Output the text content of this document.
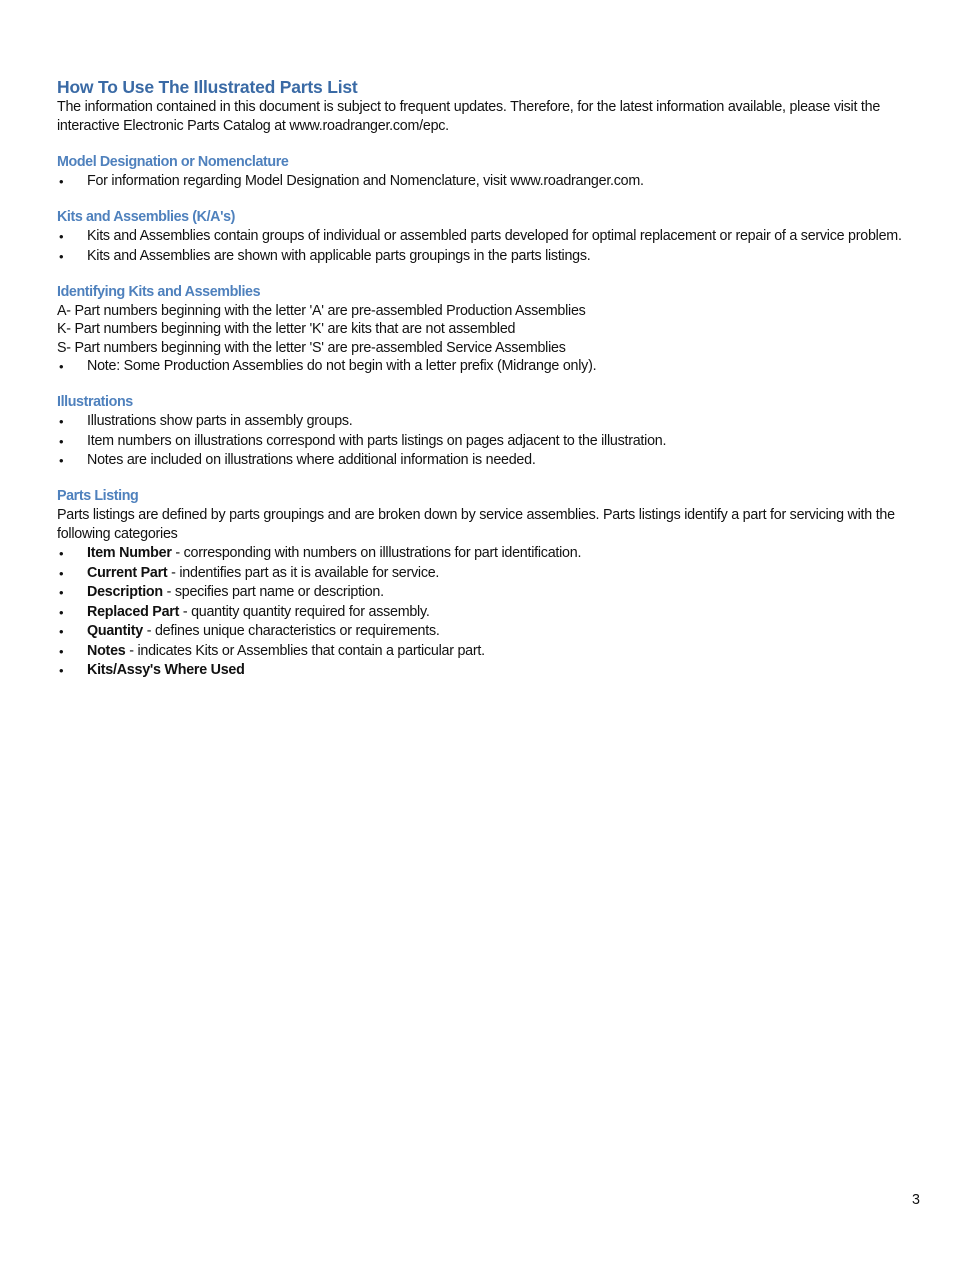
How To Use The Illustrated Parts List

The information contained in this document is subject to frequent updates. Therefore, for the latest information available, please visit the interactive Electronic Parts Catalog at www.roadranger.com/epc.

Model Designation or Nomenclature
• For information regarding Model Designation and Nomenclature, visit www.roadranger.com.
Kits and Assemblies (K/A's)
• Kits and Assemblies contain groups of individual or assembled parts developed for optimal replacement or repair of a service problem.
• Kits and Assemblies are shown with applicable parts groupings in the parts listings.
Identifying Kits and Assemblies

A- Part numbers beginning with the letter 'A' are pre-assembled Production Assemblies

K- Part numbers beginning with the letter 'K' are kits that are not assembled

S- Part numbers beginning with the letter 'S' are pre-assembled Service Assemblies

• Note: Some Production Assemblies do not begin with a letter prefix (Midrange only).
Illustrations
• Illustrations show parts in assembly groups.
• Item numbers on illustrations correspond with parts listings on pages adjacent to the illustration.
• Notes are included on illustrations where additional information is needed.
Parts Listing

Parts listings are defined by parts groupings and are broken down by service assemblies. Parts listings identify a part for servicing with the following categories

• Item Number - corresponding with numbers on illlustrations for part identification.
• Current Part - indentifies part as it is available for service.
• Description - specifies part name or description.
• Replaced Part - quantity quantity required for assembly.
• Quantity - defines unique characteristics or requirements.
• Notes - indicates Kits or Assemblies that contain a particular part.
• Kits/Assy's Where Used
3
